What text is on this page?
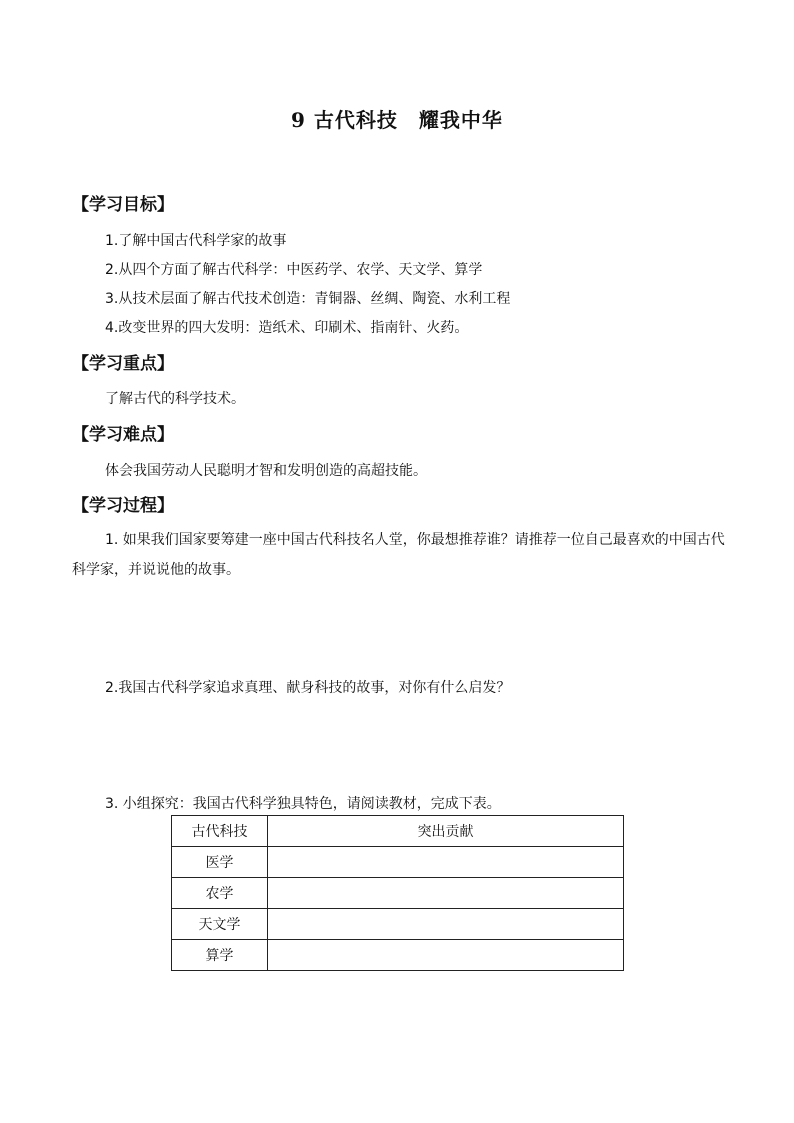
9 古代科技　耀我中华
【学习目标】
1.了解中国古代科学家的故事
2.从四个方面了解古代科学：中医药学、农学、天文学、算学
3.从技术层面了解古代技术创造：青铜器、丝绸、陶瓷、水利工程
4.改变世界的四大发明：造纸术、印刷术、指南针、火药。
【学习重点】
了解古代的科学技术。
【学习难点】
体会我国劳动人民聪明才智和发明创造的高超技能。
【学习过程】
1. 如果我们国家要筹建一座中国古代科技名人堂，你最想推荐谁？请推荐一位自己最喜欢的中国古代科学家，并说说他的故事。
2.我国古代科学家追求真理、献身科技的故事，对你有什么启发？
3. 小组探究：我国古代科学独具特色，请阅读教材，完成下表。
古代科技	突出贡献
医学	
农学	
天文学	
算学	
